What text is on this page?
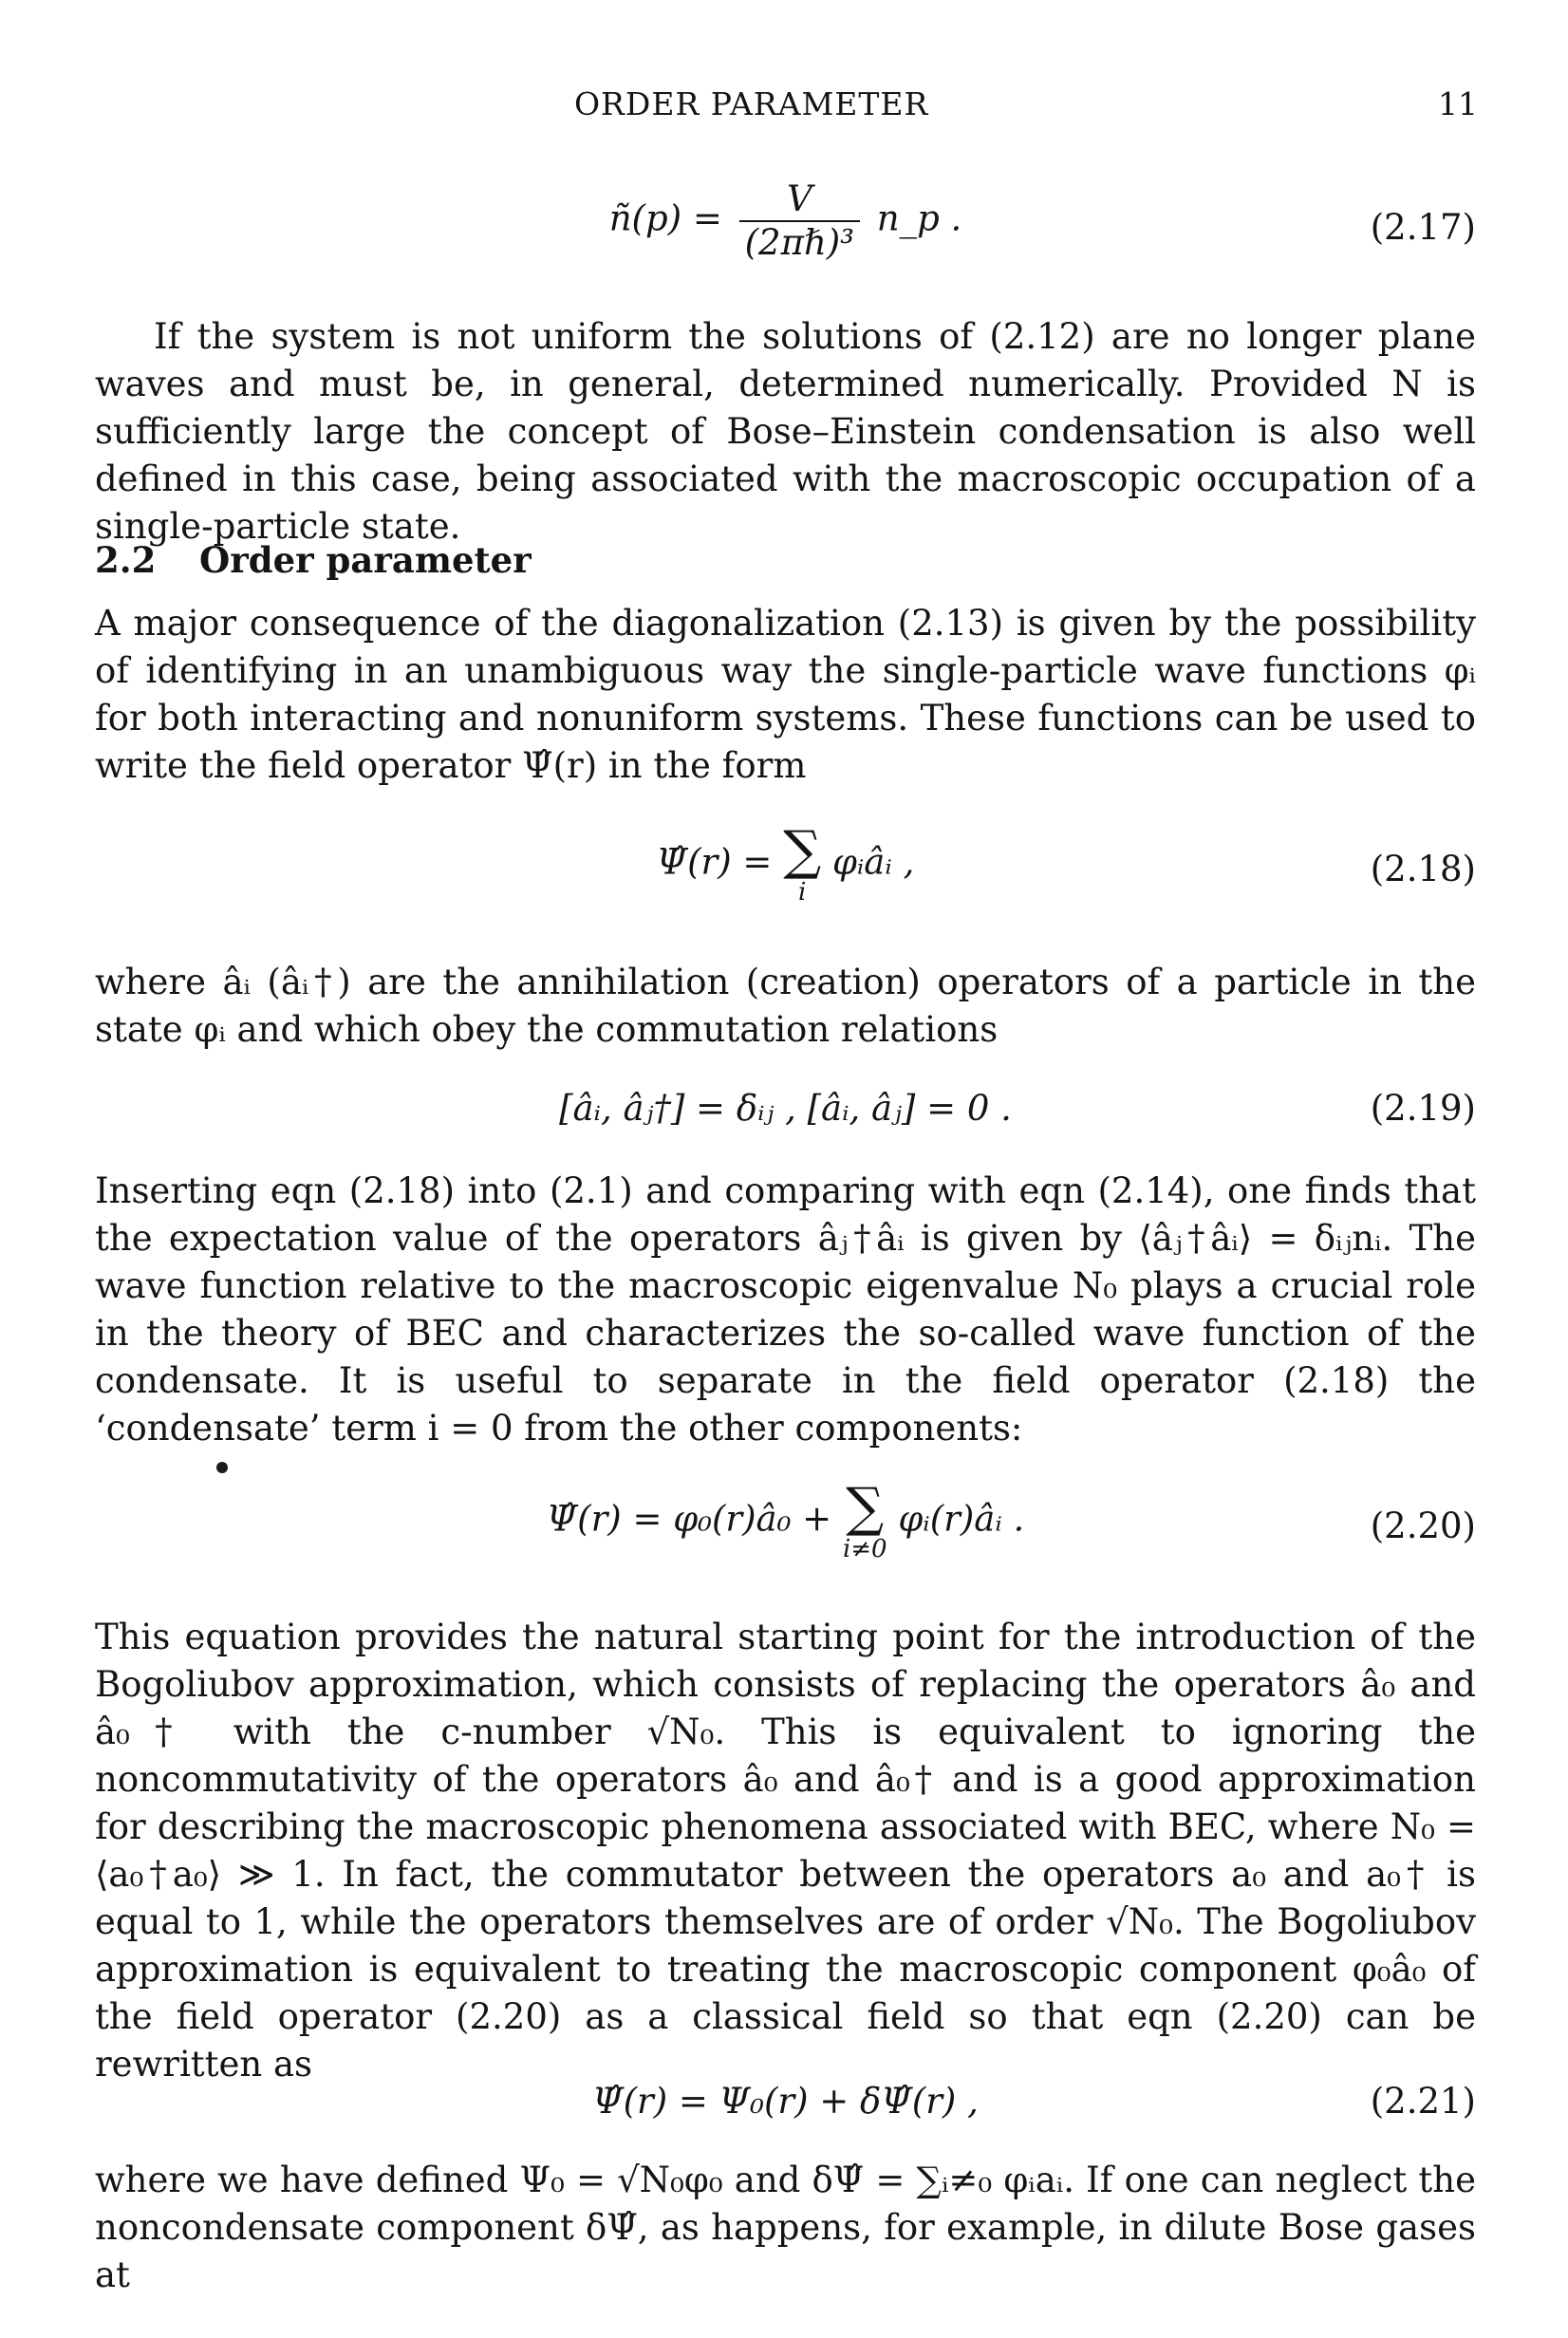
ORDER PARAMETER	11
ñ(p) = $\frac{V}{\text{(2πℏ)³}}$ n_p .	(2.17)

If the system is not uniform the solutions of (2.12) are no longer plane waves and must be, in general, determined numerically. Provided N is sufficiently large the concept of Bose–Einstein condensation is also well defined in this case, being associated with the macroscopic occupation of a single-particle state.

2.2 Order parameter

A major consequence of the diagonalization (2.13) is given by the possibility of identifying in an unambiguous way the single-particle wave functions φᵢ for both interacting and nonuniform systems. These functions can be used to write the field operator Ψ̂(r) in the form

Ψ̂(r) = ∑
i
φᵢâᵢ ,	(2.18)

where âᵢ (âᵢ†) are the annihilation (creation) operators of a particle in the state φᵢ and which obey the commutation relations

[âᵢ, âⱼ†] = δᵢⱼ , [âᵢ, âⱼ] = 0 .	(2.19)

Inserting eqn (2.18) into (2.1) and comparing with eqn (2.14), one finds that the expectation value of the operators âⱼ†âᵢ is given by ⟨âⱼ†âᵢ⟩ = δᵢⱼnᵢ. The wave function relative to the macroscopic eigenvalue N₀ plays a crucial role in the theory of BEC and characterizes the so-called wave function of the condensate. It is useful to separate in the field operator (2.18) the ‘condensate’ term i = 0 from the other components:

Ψ̂(r) = φ₀(r)â₀ + ∑
i≠0
φᵢ(r)âᵢ .	(2.20)

This equation provides the natural starting point for the introduction of the Bogoliubov approximation, which consists of replacing the operators â₀ and â₀† with the c-number √N₀. This is equivalent to ignoring the noncommutativity of the operators â₀ and â₀† and is a good approximation for describing the macroscopic phenomena associated with BEC, where N₀ = ⟨a₀†a₀⟩ ≫ 1. In fact, the commutator between the operators a₀ and a₀† is equal to 1, while the operators themselves are of order √N₀. The Bogoliubov approximation is equivalent to treating the macroscopic component φ₀â₀ of the field operator (2.20) as a classical field so that eqn (2.20) can be rewritten as

Ψ̂(r) = Ψ₀(r) + δΨ̂(r) ,	(2.21)

where we have defined Ψ₀ = √N₀φ₀ and δΨ̂ = ∑ᵢ≠₀ φᵢaᵢ. If one can neglect the noncondensate component δΨ̂, as happens, for example, in dilute Bose gases at
